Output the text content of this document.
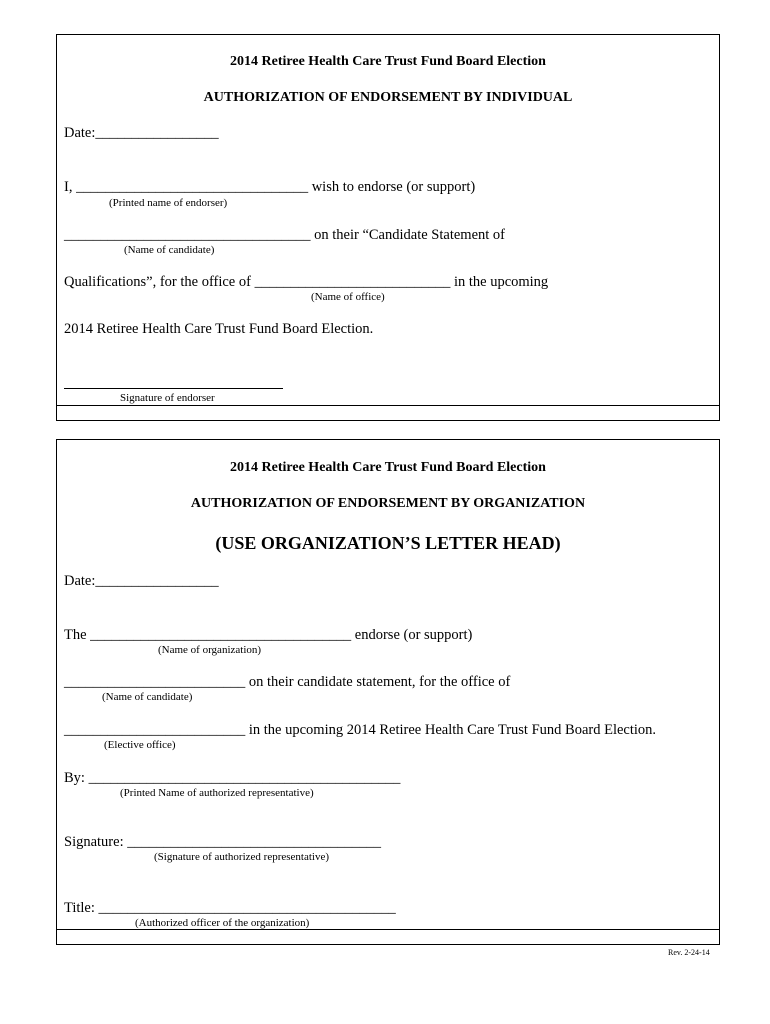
2014 Retiree Health Care Trust Fund Board Election
AUTHORIZATION OF ENDORSEMENT BY INDIVIDUAL
Date:_________________
I, ________________________________ wish to endorse (or support)
(Printed name of endorser)
__________________________________ on their “Candidate Statement of
(Name of candidate)
Qualifications”, for the office of ___________________________ in the upcoming
(Name of office)
2014 Retiree Health Care Trust Fund Board Election.
Signature of endorser
2014 Retiree Health Care Trust Fund Board Election
AUTHORIZATION OF ENDORSEMENT BY ORGANIZATION
(USE ORGANIZATION’S LETTER HEAD)
Date:_________________
The ____________________________________ endorse (or support)
(Name of organization)
_________________________ on their candidate statement, for the office of
(Name of candidate)
_________________________ in the upcoming 2014 Retiree Health Care Trust Fund Board Election.
(Elective office)
By: ___________________________________________
(Printed Name of authorized representative)
Signature: ___________________________________
(Signature of authorized representative)
Title: _________________________________________
(Authorized officer of the organization)
Rev. 2-24-14
